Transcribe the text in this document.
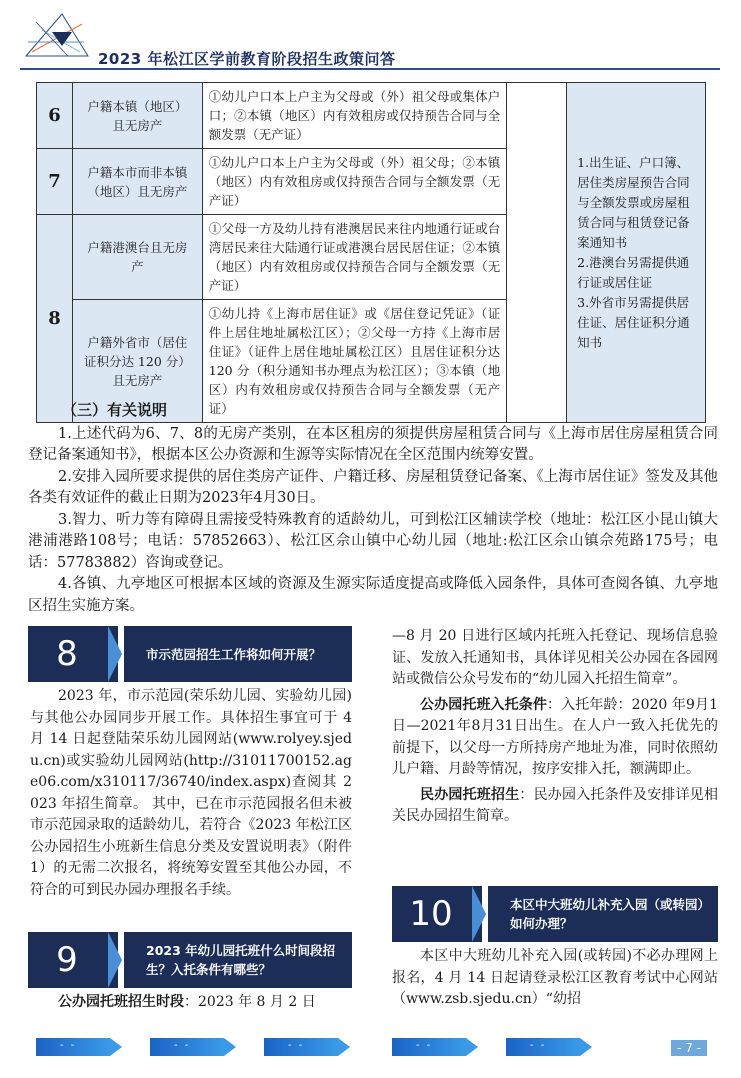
2023 年松江区学前教育阶段招生政策问答
6	户籍本镇（地区）且无房产	①幼儿户口本上户主为父母或（外）祖父母或集体户口；②本镇（地区）内有效租房或仅持预告合同与全额发票（无产证）		1.出生证、户口簿、居住类房屋预告合同与全额发票或房屋租赁合同与租赁登记备案通知书
2.港澳台另需提供通行证或居住证
3.外省市另需提供居住证、居住证积分通知书

7	户籍本市而非本镇（地区）且无房产	①幼儿户口本上户主为父母或（外）祖父母；②本镇（地区）内有效租房或仅持预告合同与全额发票（无产证）		
8	户籍港澳台且无房产	①父母一方及幼儿持有港澳居民来往内地通行证或台湾居民来往大陆通行证或港澳台居民居住证；②本镇（地区）内有效租房或仅持预告合同与全额发票（无产证）		
	户籍外省市（居住证积分达 120 分）且无房产	①幼儿持《上海市居住证》或《居住登记凭证》（证件上居住地址属松江区）；②父母一方持《上海市居住证》（证件上居住地址属松江区）且居住证积分达 120 分（积分通知书办理点为松江区）；③本镇（地区）内有效租房或仅持预告合同与全额发票（无产证）		
（三）有关说明

1.上述代码为6、7、8的无房产类别，在本区租房的须提供房屋租赁合同与《上海市居住房屋租赁合同登记备案通知书》，根据本区公办资源和生源等实际情况在全区范围内统筹安置。

2.安排入园所要求提供的居住类房产证件、户籍迁移、房屋租赁登记备案、《上海市居住证》签发及其他各类有效证件的截止日期为2023年4月30日。

3.智力、听力等有障碍且需接受特殊教育的适龄幼儿，可到松江区辅读学校（地址：松江区小昆山镇大港浦港路108号；电话：57852663）、松江区佘山镇中心幼儿园（地址:松江区佘山镇佘苑路175号；电话：57783882）咨询或登记。

4.各镇、九亭地区可根据本区域的资源及生源实际适度提高或降低入园条件，具体可查阅各镇、九亭地区招生实施方案。

8	市示范园招生工作将如何开展？

2023 年，市示范园(荣乐幼儿园、实验幼儿园)与其他公办园同步开展工作。具体招生事宜可于 4 月 14 日起登陆荣乐幼儿园网站(www.rolyey.sjedu.cn)或实验幼儿园网站(http://31011700152.age06.com/x310117/36740/index.aspx)查阅其 2023 年招生简章。 其中，已在市示范园报名但未被市示范园录取的适龄幼儿，若符合《2023 年松江区公办园招生小班新生信息分类及安置说明表》（附件 1）的无需二次报名，将统筹安置至其他公办园，不符合的可到民办园办理报名手续。

9	2023 年幼儿园托班什么时间段招生？入托条件有哪些？

公办园托班招生时段：2023 年 8 月 2 日

—8 月 20 日进行区域内托班入托登记、现场信息验证、发放入托通知书，具体详见相关公办园在各园网站或微信公众号发布的“幼儿园入托招生简章”。

公办园托班入托条件：入托年龄：2020 年9月1日—2021年8月31日出生。在人户一致入托优先的前提下，以父母一方所持房产地址为准，同时依照幼儿户籍、月龄等情况，按序安排入托，额满即止。

民办园托班招生：民办园入托条件及安排详见相关民办园招生简章。

10	本区中大班幼儿补充入园（或转园）如何办理？

本区中大班幼儿补充入园(或转园)不必办理网上报名，4 月 14 日起请登录松江区教育考试中心网站（www.zsb.sjedu.cn）“幼招

- -	- -	- -	- -	- -	- 7 -
